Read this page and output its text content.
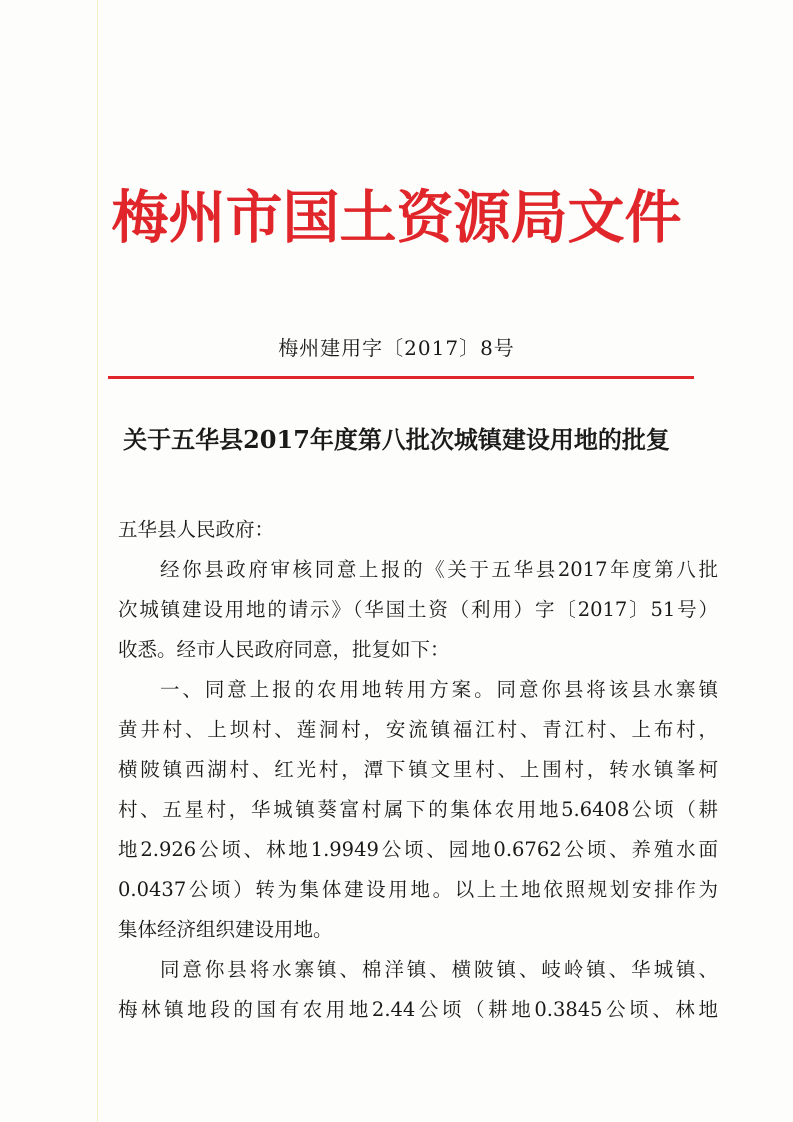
梅州市国土资源局文件
梅州建用字〔2017〕8号
关于五华县2017年度第八批次城镇建设用地的批复
五华县人民政府：
经你县政府审核同意上报的《关于五华县2017年度第八批
次城镇建设用地的请示》（华国土资（利用）字〔2017〕51号）
收悉。经市人民政府同意，批复如下：
一、同意上报的农用地转用方案。同意你县将该县水寨镇
黄井村、上坝村、莲洞村，安流镇福江村、青江村、上布村，
横陂镇西湖村、红光村，潭下镇文里村、上围村，转水镇峯柯
村、五星村，华城镇葵富村属下的集体农用地5.6408公顷（耕
地2.926公顷、林地1.9949公顷、园地0.6762公顷、养殖水面
0.0437公顷）转为集体建设用地。以上土地依照规划安排作为
集体经济组织建设用地。
同意你县将水寨镇、棉洋镇、横陂镇、岐岭镇、华城镇、
梅林镇地段的国有农用地2.44公顷（耕地0.3845公顷、林地
